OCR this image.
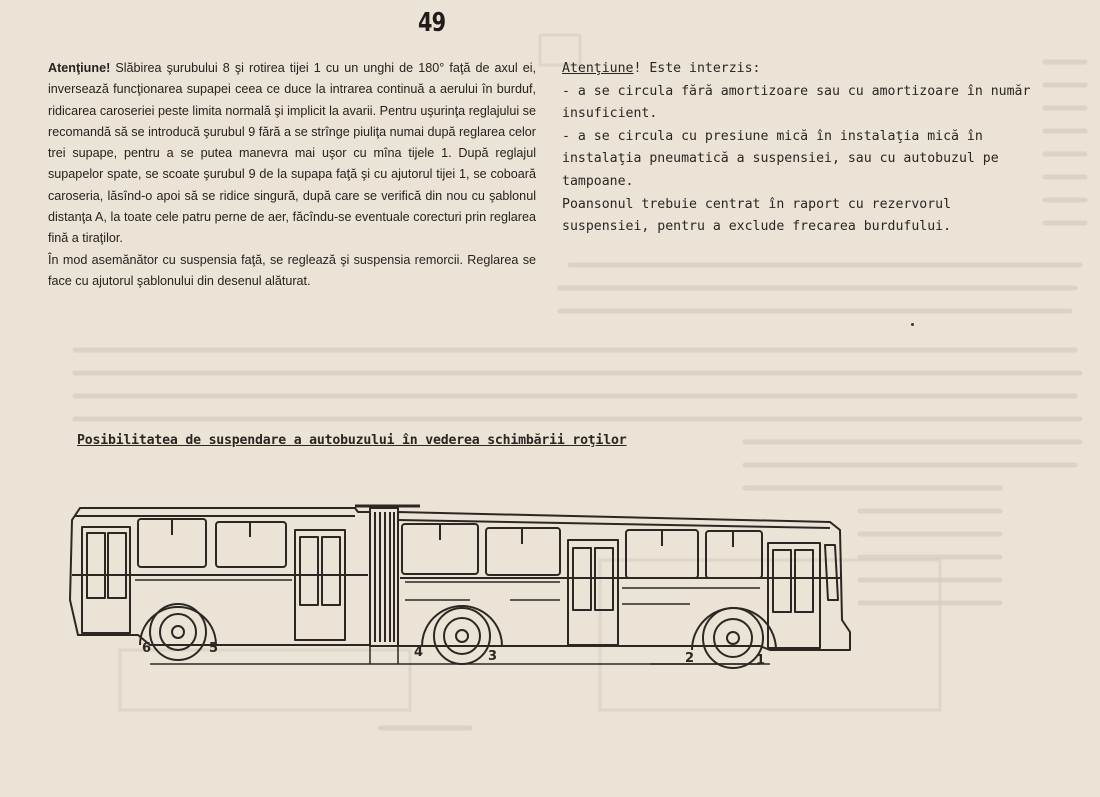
49

Atenţiune! Slăbirea şurubului 8 şi rotirea tijei 1 cu un unghi de 180° faţă de axul ei, inversează funcţionarea supapei ceea ce duce la intrarea continuă a aerului în burduf, ridicarea caroseriei peste limita normală şi implicit la avarii. Pentru uşurinţa reglajului se recomandă să se introducă şurubul 9 fără a se strînge piuliţa numai după reglarea celor trei supape, pentru a se putea manevra mai uşor cu mîna tijele 1. După reglajul supapelor spate, se scoate şurubul 9 de la supapa faţă şi cu ajutorul tijei 1, se coboară caroseria, lăsînd-o apoi să se ridice singură, după care se verifică din nou cu şablonul distanţa A, la toate cele patru perne de aer, făcîndu-se eventuale corecturi prin reglarea fină a tiraţilor.

În mod asemănător cu suspensia faţă, se reglează şi suspensia remorcii. Reglarea se face cu ajutorul şablonului din desenul alăturat.

Atenţiune! Este interzis:

- a se circula fără amortizoare sau cu amortizoare în număr insuficient.

- a se circula cu presiune mică în instalaţia mică în instalaţia pneumatică a suspensiei, sau cu autobuzul pe tampoane.

Poansonul trebuie centrat în raport cu rezervorul suspensiei, pentru a exclude frecarea burdufului.

Posibilitatea de suspendare a autobuzului în vederea schimbării roţilor
6	5	4	3	2	1
